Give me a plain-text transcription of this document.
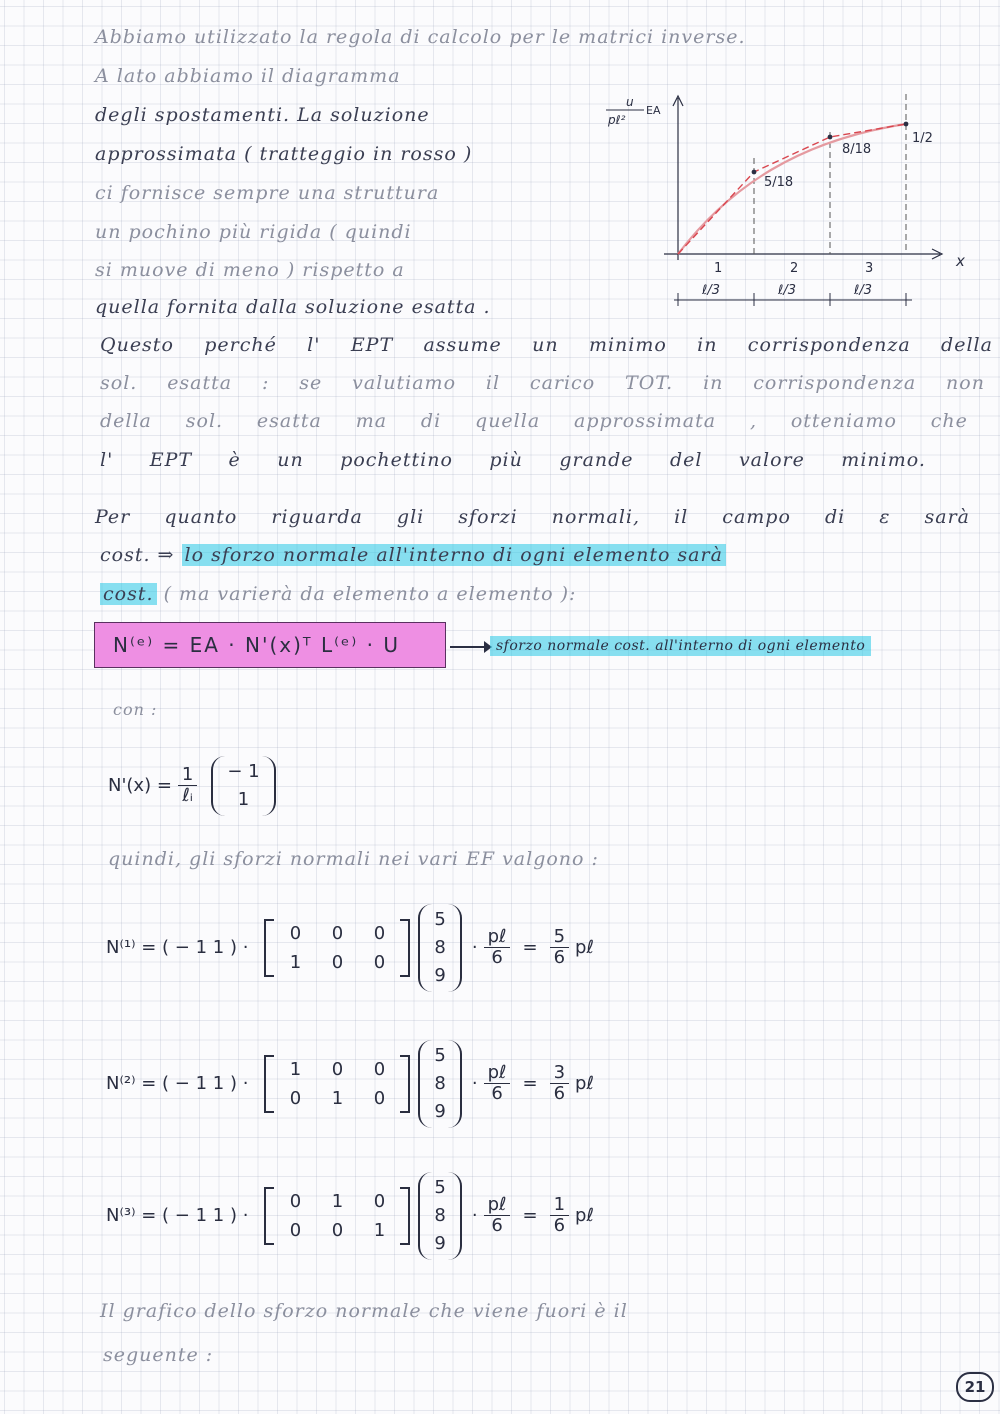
Abbiamo utilizzato la regola di calcolo per le matrici inverse.
A lato abbiamo il diagramma
degli spostamenti. La soluzione
approssimata ( tratteggio in rosso )
ci fornisce sempre una struttura
un pochino più rigida ( quindi
si muove di meno ) rispetto a
quella fornita dalla soluzione esatta .
u
pℓ²
EA
x
5/18
8/18
1/2
1	2	3
ℓ/3	ℓ/3	ℓ/3
Questo perché l' EPT assume un minimo in corrispondenza della
sol. esatta : se valutiamo il carico TOT. in corrispondenza non
della sol. esatta ma di quella approssimata , otteniamo che
l' EPT è un pochettino più grande del valore minimo.
Per quanto riguarda gli sforzi normali, il campo di ε sarà
cost. ⇒ lo sforzo normale all'interno di ogni elemento sarà
cost. ( ma varierà da elemento a elemento ):
N⁽ᵉ⁾ = EA · N'(x)ᵀ L⁽ᵉ⁾ · U	sforzo normale cost. all'interno di ogni elemento
con :
$N'(x) = \frac{1}{\text{ℓᵢ}} - 1$
1
quindi, gli sforzi normali nei vari EF valgono :
N⁽¹⁾ = ( − 1 1 ) ·
0	0	0
1	0	0
5
8
9
· $\frac{\text{pℓ}}{6} = \frac{5}{6}$ pℓ
N⁽²⁾ = ( − 1 1 ) ·
1	0	0
0	1	0
5
8
9
· $\frac{\text{pℓ}}{6} = \frac{3}{6}$ pℓ
N⁽³⁾ = ( − 1 1 ) ·
0	1	0
0	0	1
5
8
9
· $\frac{\text{pℓ}}{6} = \frac{1}{6}$ pℓ
Il grafico dello sforzo normale che viene fuori è il
seguente :
21
